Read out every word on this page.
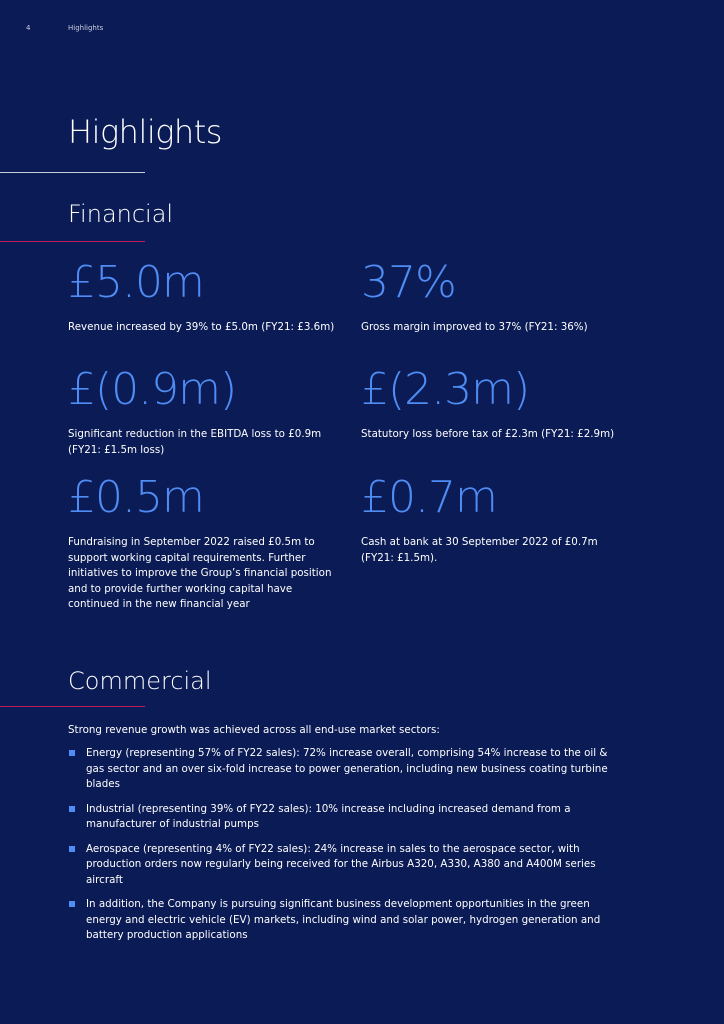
4	Highlights
Highlights
Financial
£5.0m
Revenue increased by 39% to £5.0m (FY21: £3.6m)
37%
Gross margin improved to 37% (FY21: 36%)
£(0.9m)
Significant reduction in the EBITDA loss to £0.9m (FY21: £1.5m loss)
£(2.3m)
Statutory loss before tax of £2.3m (FY21: £2.9m)
£0.5m
Fundraising in September 2022 raised £0.5m to support working capital requirements. Further initiatives to improve the Group’s financial position and to provide further working capital have continued in the new financial year
£0.7m
Cash at bank at 30 September 2022 of £0.7m (FY21: £1.5m).
Commercial
Strong revenue growth was achieved across all end-use market sectors:
Energy (representing 57% of FY22 sales): 72% increase overall, comprising 54% increase to the oil & gas sector and an over six-fold increase to power generation, including new business coating turbine blades
Industrial (representing 39% of FY22 sales): 10% increase including increased demand from a manufacturer of industrial pumps
Aerospace (representing 4% of FY22 sales): 24% increase in sales to the aerospace sector, with production orders now regularly being received for the Airbus A320, A330, A380 and A400M series aircraft
In addition, the Company is pursuing significant business development opportunities in the green energy and electric vehicle (EV) markets, including wind and solar power, hydrogen generation and battery production applications
